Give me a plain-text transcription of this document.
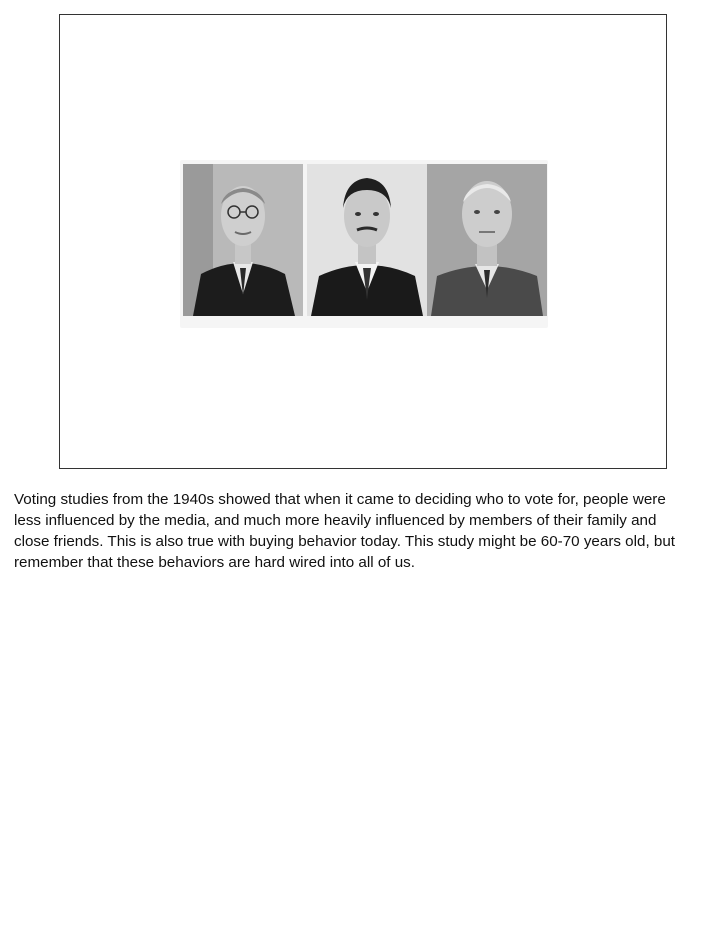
Voting studies from the 1940s showed that when it came to deciding who to vote for, people were less influenced by the media, and much more heavily influenced by members of their family and close friends. This is also true with buying behavior today. This study might be 60-70 years old, but remember that these behaviors are hard wired into all of us.
